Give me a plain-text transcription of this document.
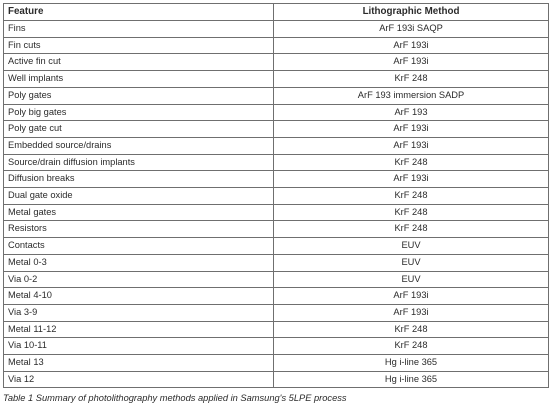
Feature	Lithographic Method
Fins	ArF 193i SAQP
Fin cuts	ArF 193i
Active fin cut	ArF 193i
Well implants	KrF 248
Poly gates	ArF 193 immersion SADP
Poly big gates	ArF 193
Poly gate cut	ArF 193i
Embedded source/drains	ArF 193i
Source/drain diffusion implants	KrF 248
Diffusion breaks	ArF 193i
Dual gate oxide	KrF 248
Metal gates	KrF 248
Resistors	KrF 248
Contacts	EUV
Metal 0-3	EUV
Via 0-2	EUV
Metal 4-10	ArF 193i
Via 3-9	ArF 193i
Metal 11-12	KrF 248
Via 10-11	KrF 248
Metal 13	Hg i-line 365
Via 12	Hg i-line 365
Table 1 Summary of photolithography methods applied in Samsung's 5LPE process
